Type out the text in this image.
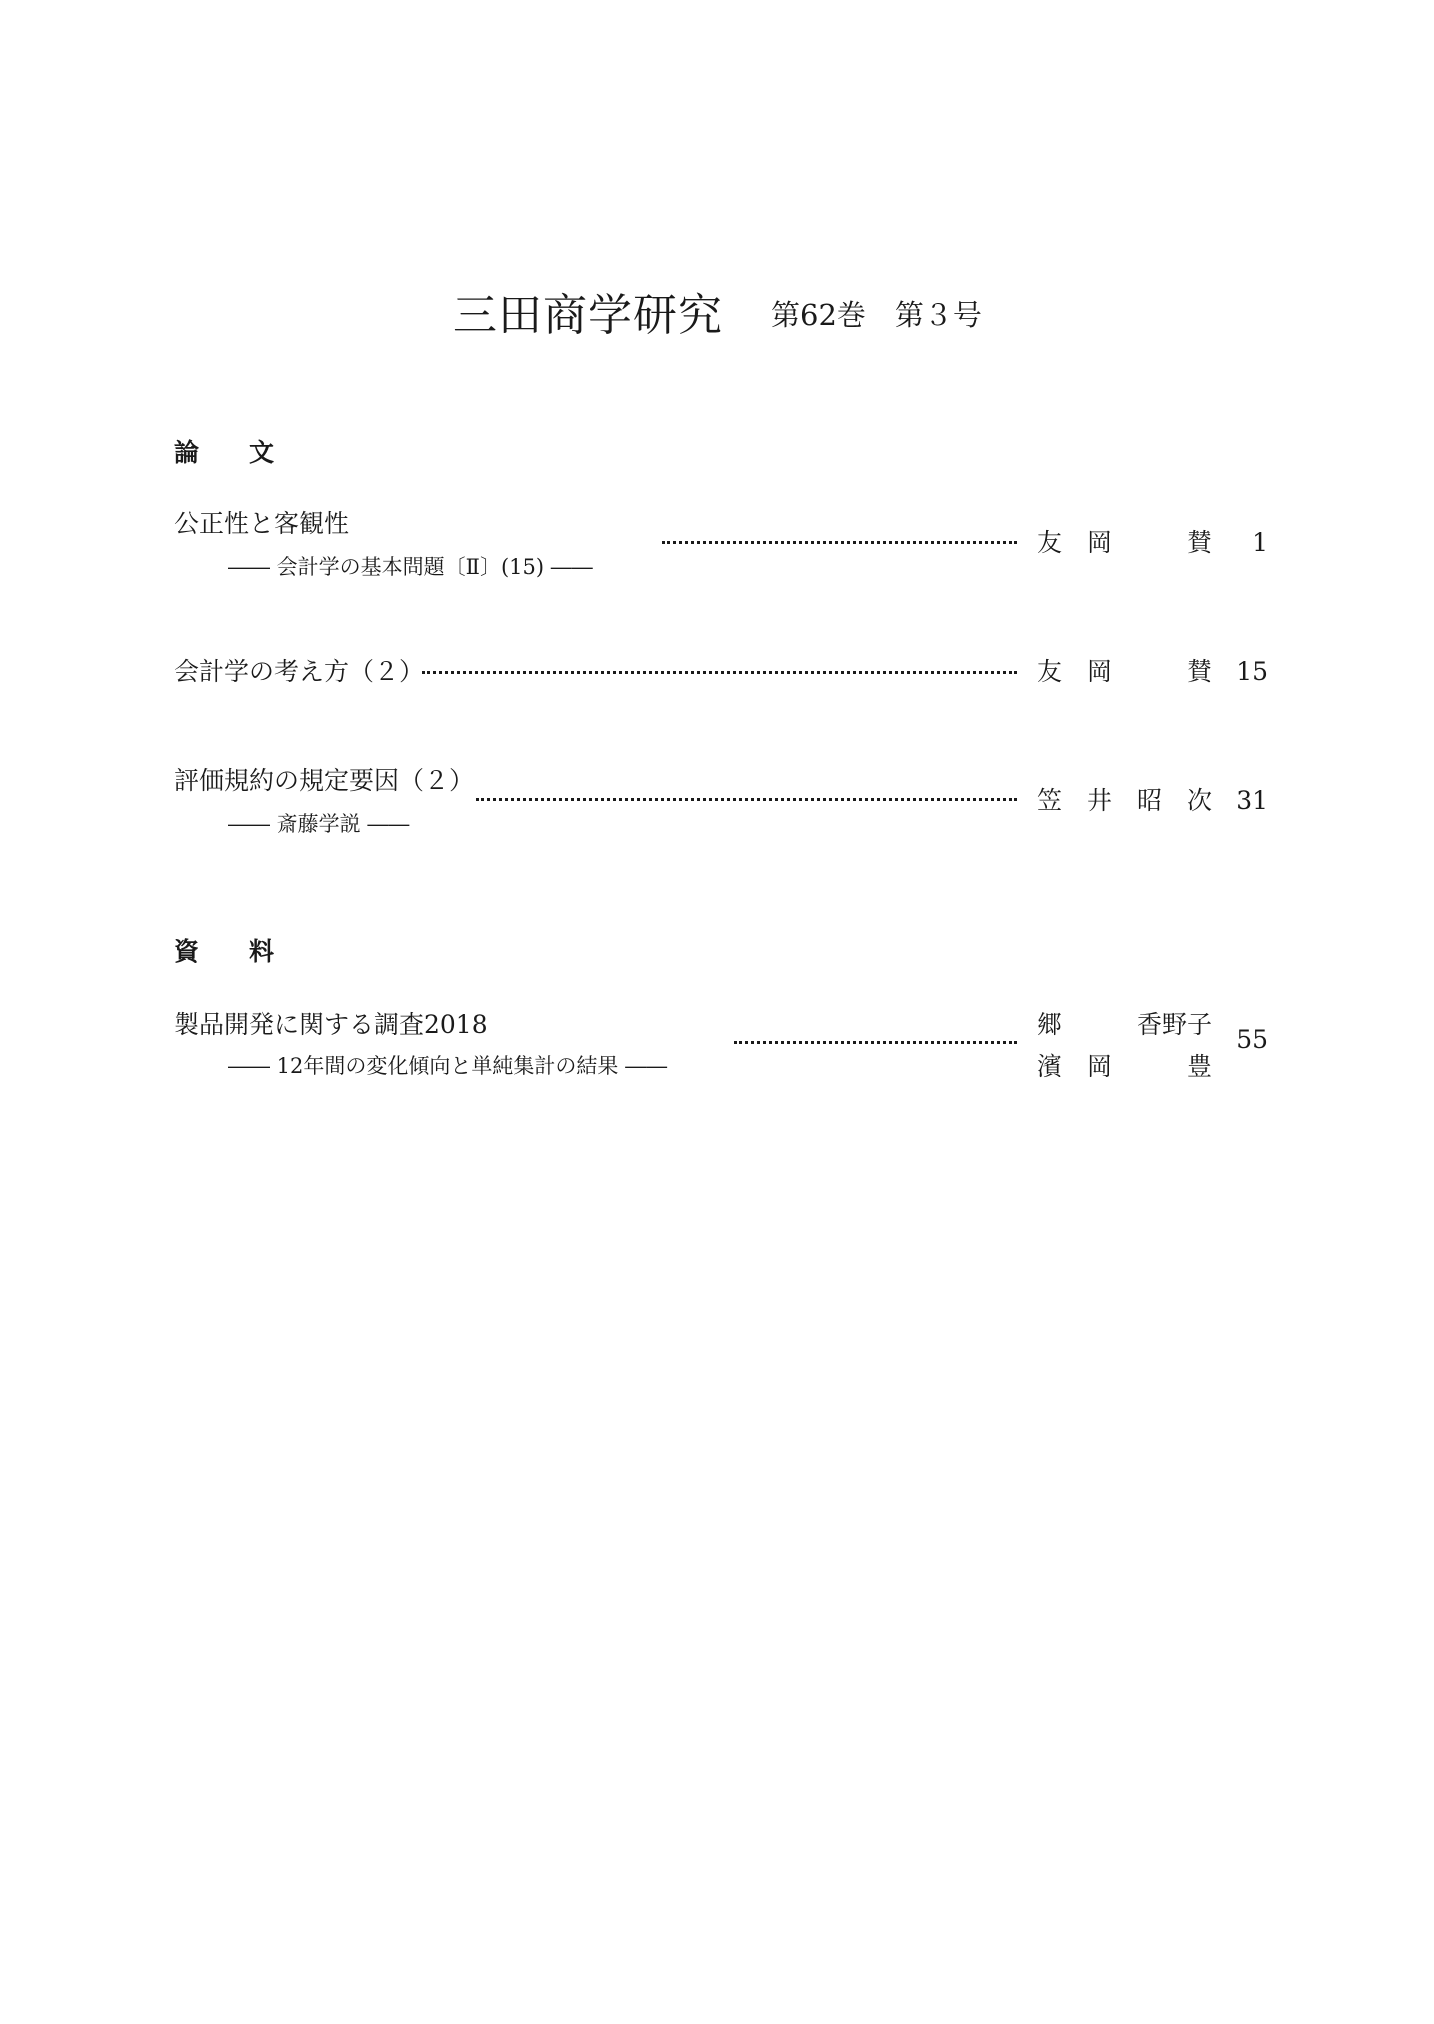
三田商学研究 第62巻　第３号
論　　文
公正性と客観性
―― 会計学の基本問題〔Ⅱ〕(15) ――
友　岡　　　賛	1
会計学の考え方（２）	友　岡　　　賛 15
評価規約の規定要因（２）
―― 斎藤学説 ――
笠　井　昭　次 31
資　　料
製品開発に関する調査2018
―― 12年間の変化傾向と単純集計の結果 ――
郷　　　香野子
濱　岡　　　豊
55
